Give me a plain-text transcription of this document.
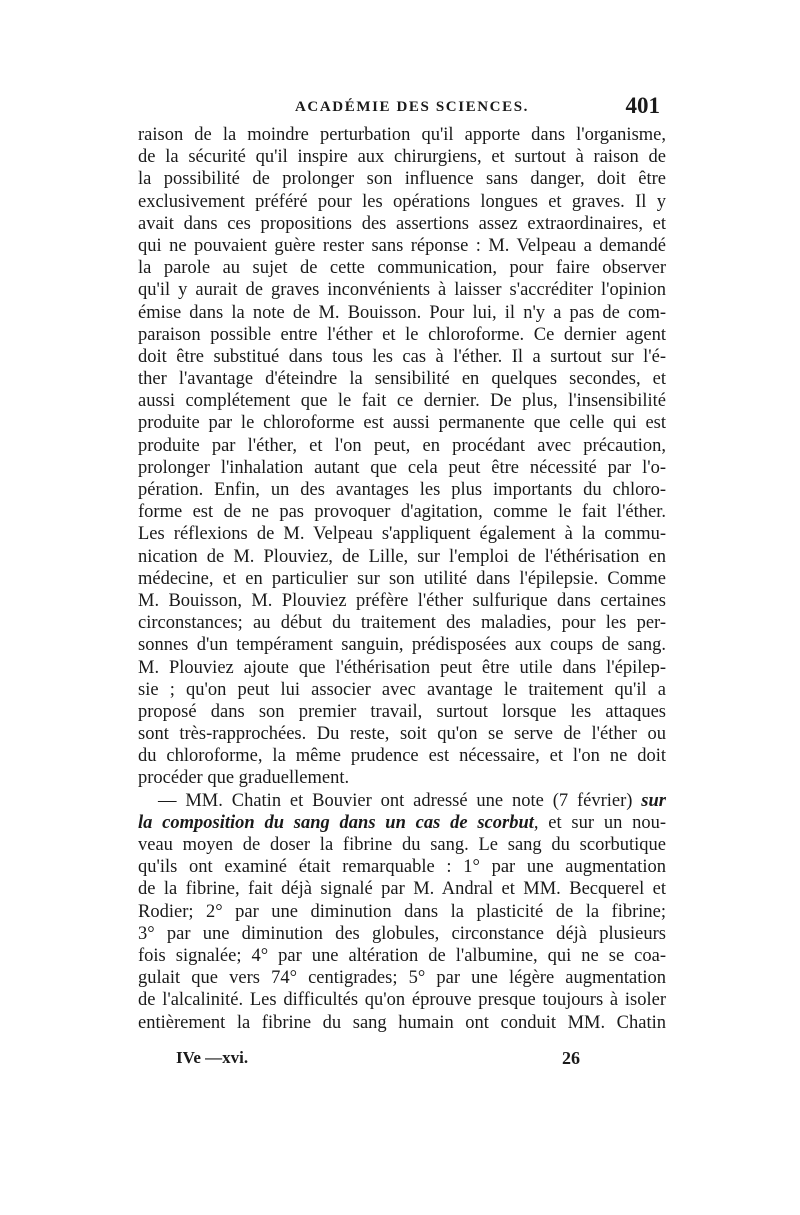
ACADÉMIE DES SCIENCES.	401
raison de la moindre perturbation qu'il apporte dans l'organisme,
de la sécurité qu'il inspire aux chirurgiens, et surtout à raison de
la possibilité de prolonger son influence sans danger, doit être
exclusivement préféré pour les opérations longues et graves. Il y
avait dans ces propositions des assertions assez extraordinaires, et
qui ne pouvaient guère rester sans réponse : M. Velpeau a demandé
la parole au sujet de cette communication, pour faire observer
qu'il y aurait de graves inconvénients à laisser s'accréditer l'opinion
émise dans la note de M. Bouisson. Pour lui, il n'y a pas de com-
paraison possible entre l'éther et le chloroforme. Ce dernier agent
doit être substitué dans tous les cas à l'éther. Il a surtout sur l'é-
ther l'avantage d'éteindre la sensibilité en quelques secondes, et
aussi complétement que le fait ce dernier. De plus, l'insensibilité
produite par le chloroforme est aussi permanente que celle qui est
produite par l'éther, et l'on peut, en procédant avec précaution,
prolonger l'inhalation autant que cela peut être nécessité par l'o-
pération. Enfin, un des avantages les plus importants du chloro-
forme est de ne pas provoquer d'agitation, comme le fait l'éther.
Les réflexions de M. Velpeau s'appliquent également à la commu-
nication de M. Plouviez, de Lille, sur l'emploi de l'éthérisation en
médecine, et en particulier sur son utilité dans l'épilepsie. Comme
M. Bouisson, M. Plouviez préfère l'éther sulfurique dans certaines
circonstances; au début du traitement des maladies, pour les per-
sonnes d'un tempérament sanguin, prédisposées aux coups de sang.
M. Plouviez ajoute que l'éthérisation peut être utile dans l'épilep-
sie ; qu'on peut lui associer avec avantage le traitement qu'il a
proposé dans son premier travail, surtout lorsque les attaques
sont très-rapprochées. Du reste, soit qu'on se serve de l'éther ou
du chloroforme, la même prudence est nécessaire, et l'on ne doit
procéder que graduellement.
— MM. Chatin et Bouvier ont adressé une note (7 février) sur
la composition du sang dans un cas de scorbut, et sur un nou-
veau moyen de doser la fibrine du sang. Le sang du scorbutique
qu'ils ont examiné était remarquable : 1° par une augmentation
de la fibrine, fait déjà signalé par M. Andral et MM. Becquerel et
Rodier; 2° par une diminution dans la plasticité de la fibrine;
3° par une diminution des globules, circonstance déjà plusieurs
fois signalée; 4° par une altération de l'albumine, qui ne se coa-
gulait que vers 74° centigrades; 5° par une légère augmentation
de l'alcalinité. Les difficultés qu'on éprouve presque toujours à isoler
entièrement la fibrine du sang humain ont conduit MM. Chatin
IVe —xvi.	26
